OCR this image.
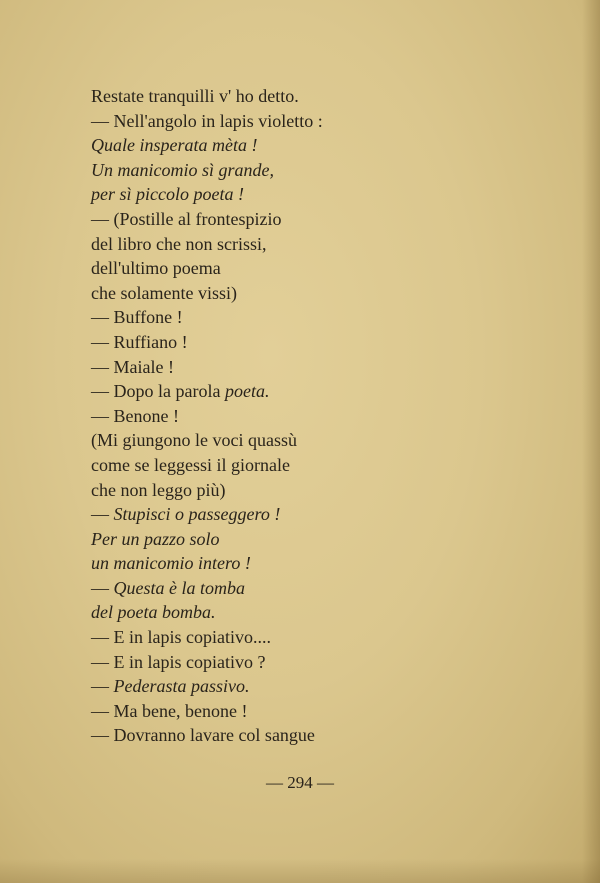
Restate tranquilli v' ho detto.
— Nell'angolo in lapis violetto :
Quale insperata mèta !
Un manicomio sì grande,
per sì piccolo poeta !
— (Postille al frontespizio
del libro che non scrissi,
dell'ultimo poema
che solamente vissi)
— Buffone !
— Ruffiano !
— Maiale !
— Dopo la parola poeta.
— Benone !
(Mi giungono le voci quassù
come se leggessi il giornale
che non leggo più)
— Stupisci o passeggero !
Per un pazzo solo
un manicomio intero !
— Questa è la tomba
del poeta bomba.
— E in lapis copiativo....
— E in lapis copiativo ?
— Pederasta passivo.
— Ma bene, benone !
— Dovranno lavare col sangue
— 294 —
